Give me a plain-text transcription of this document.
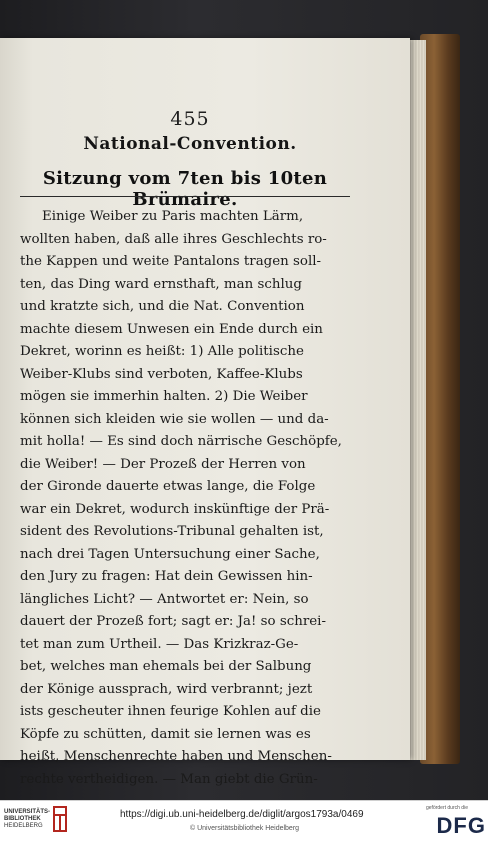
455
National-Convention.
Sitzung vom 7ten bis 10ten Brümaire.
Einige Weiber zu Paris machten Lärm,
wollten haben, daß alle ihres Geschlechts ro-
the Kappen und weite Pantalons tragen soll-
ten, das Ding ward ernsthaft, man schlug
und kratzte sich, und die Nat. Convention
machte diesem Unwesen ein Ende durch ein
Dekret, worinn es heißt: 1) Alle politische
Weiber-Klubs sind verboten, Kaffee-Klubs
mögen sie immerhin halten. 2) Die Weiber
können sich kleiden wie sie wollen — und da-
mit holla! — Es sind doch närrische Geschöpfe,
die Weiber! — Der Prozeß der Herren von
der Gironde dauerte etwas lange, die Folge
war ein Dekret, wodurch inskünftige der Prä-
sident des Revolutions-Tribunal gehalten ist,
nach drei Tagen Untersuchung einer Sache,
den Jury zu fragen: Hat dein Gewissen hin-
längliches Licht? — Antwortet er: Nein, so
dauert der Prozeß fort; sagt er: Ja! so schrei-
tet man zum Urtheil. — Das Krizkraz-Ge-
bet, welches man ehemals bei der Salbung
der Könige aussprach, wird verbrannt; jezt
ists gescheuter ihnen feurige Kohlen auf die
Köpfe zu schütten, damit sie lernen was es
heißt, Menschenrechte haben und Menschen-
rechte vertheidigen. — Man giebt die Grün-
UNIVERSITÄTS-
BIBLIOTHEK
HEIDELBERG
https://digi.ub.uni-heidelberg.de/diglit/argos1793a/0469
© Universitätsbibliothek Heidelberg
gefördert durch die
DFG
